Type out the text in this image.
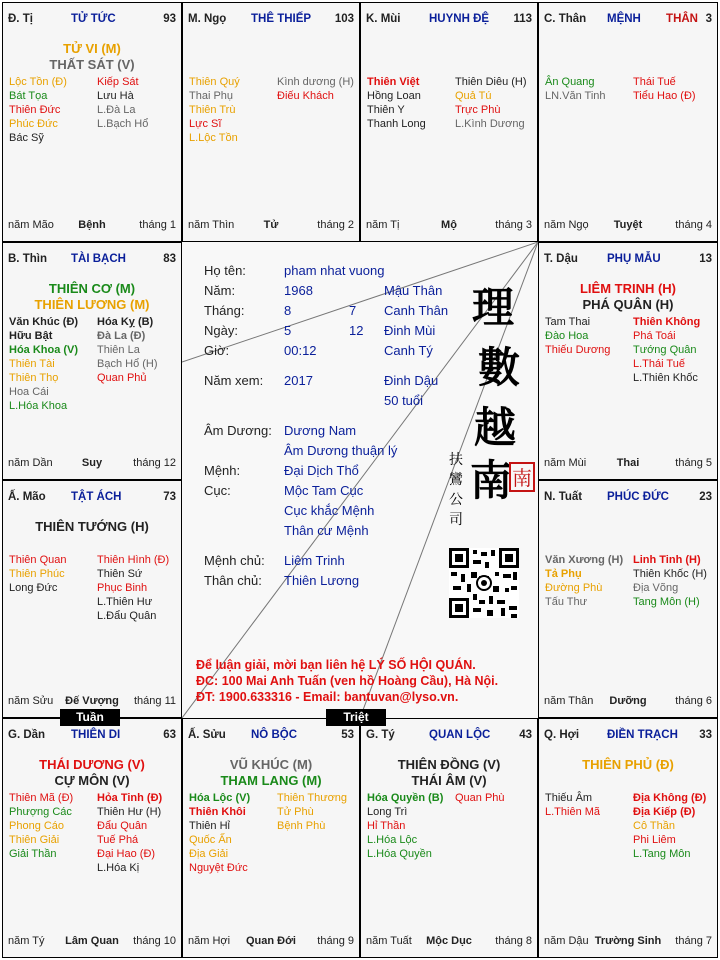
Đ. Tị	TỬ TỨC	93
TỬ VI (M)
THẤT SÁT (V)
Lộc Tồn (Đ)
Bát Tọa
Thiên Đức
Phúc Đức
Bác Sỹ
Kiếp Sát
Lưu Hà
L.Đà La
L.Bạch Hổ
năm Mão	Bệnh	tháng 1
M. Ngọ THÊ THIẾP 103
Thiên Quý
Thai Phụ
Thiên Trù
Lực Sĩ
L.Lộc Tồn
Kình dương (H)
Điếu Khách
năm Thìn	Tử	tháng 2
K. Mùi HUYNH ĐỆ 113
Thiên Việt
Hồng Loan
Thiên Y
Thanh Long
Thiên Diêu (H)
Quả Tú
Trực Phù
L.Kình Dương
năm Tị	Mộ	tháng 3
C. Thân MỆNH THÂN 3
Ân Quang
LN.Văn Tinh
Thái Tuế
Tiểu Hao (Đ)
năm Ngọ	Tuyệt	tháng 4
B. Thìn TÀI BẠCH	83
THIÊN CƠ (M)
THIÊN LƯƠNG (M)
Văn Khúc (Đ)
Hữu Bật
Hóa Khoa (V)
Thiên Tài
Thiên Thọ
Hoa Cái
L.Hóa Khoa
Hóa Kỵ (B)
Đà La (Đ)
Thiên La
Bạch Hổ (H)
Quan Phủ
năm Dần	Suy	tháng 12
T. Dậu	PHỤ MẪU	13
LIÊM TRINH (H)
PHÁ QUÂN (H)
Tam Thai
Đào Hoa
Thiếu Dương
Thiên Không
Phá Toái
Tướng Quân
L.Thái Tuế
L.Thiên Khốc
năm Mùi	Thai	tháng 5
Ấ. Mão TẬT ÁCH	73
THIÊN TƯỚNG (H)
Thiên Quan
Thiên Phúc
Long Đức
Thiên Hình (Đ)
Thiên Sứ
Phục Binh
L.Thiên Hư
L.Đẩu Quân
năm Sửu	Đế Vượng	tháng 11
N. Tuất PHÚC ĐỨC	23
Văn Xương (H)
Tả Phụ
Đường Phù
Tấu Thư
Linh Tinh (H)
Thiên Khốc (H)
Địa Võng
Tang Môn (H)
năm Thân	Dưỡng	tháng 6
G. Dần THIÊN DI	63
THÁI DƯƠNG (V)
CỰ MÔN (V)
Thiên Mã (Đ)
Phượng Các
Phong Cáo
Thiên Giải
Giải Thần
Hỏa Tinh (Đ)
Thiên Hư (H)
Đẩu Quân
Tuế Phá
Đại Hao (Đ)
L.Hóa Kị
năm Tý	Lâm Quan	tháng 10
Ấ. Sửu NÔ BỘC	53
VŨ KHÚC (M)
THAM LANG (M)
Hóa Lộc (V)
Thiên Khôi
Thiên Hỉ
Quốc Ấn
Địa Giải
Nguyệt Đức
Thiên Thương
Tử Phù
Bệnh Phù
năm Hợi	Quan Đới	tháng 9
G. Tý	QUAN LỘC	43
THIÊN ĐỒNG (V)
THÁI ÂM (V)
Hóa Quyền (B)
Long Trì
Hỉ Thần
L.Hóa Lộc
L.Hóa Quyền
Quan Phù
năm Tuất	Mộc Dục	tháng 8
Q. Hợi ĐIỀN TRẠCH 33
THIÊN PHỦ (Đ)
Thiếu Âm
L.Thiên Mã
Địa Không (Đ)
Địa Kiếp (Đ)
Cô Thần
Phi Liêm
L.Tang Môn
năm Dậu Trường Sinh	tháng 7
Họ tên:	pham nhat vuong
Năm:	1968	Mậu Thân
Tháng:	8	7 Canh Thân
Ngày:	5	12 Đinh Mùi
Giờ:	00:12	Canh Tý
Năm xem: 2017	Đinh Dậu
50 tuổi
Âm Dương: Dương Nam
Âm Dương thuận lý
Mệnh:	Đại Dịch Thổ
Cục:	Mộc Tam Cục
Cục khắc Mệnh
Thân cư Mệnh
Mệnh chủ: Liêm Trinh
Thân chủ: Thiên Lương
理
數
越
南 南
扶
鸞
公
司
Để luận giải, mời bạn liên hệ LÝ SỐ HỘI QUÁN.
ĐC: 100 Mai Anh Tuấn (ven hồ Hoàng Cầu), Hà Nội.
ĐT: 1900.633316 - Email: bantuvan@lyso.vn.
Tuần	Triệt
